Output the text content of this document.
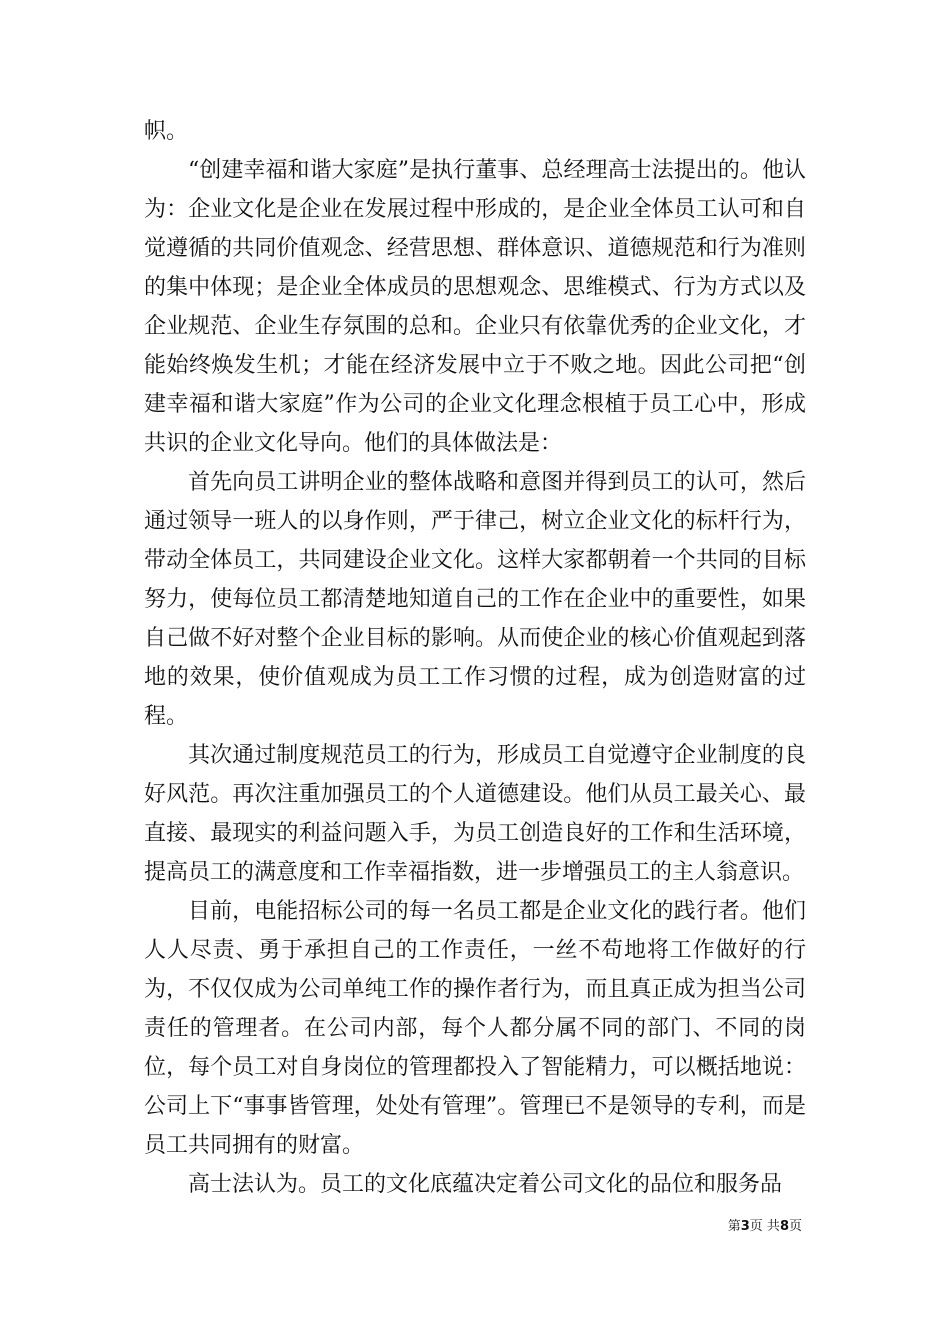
帜。

“创建幸福和谐大家庭”是执行董事、总经理高士法提出的。他认为：企业文化是企业在发展过程中形成的，是企业全体员工认可和自觉遵循的共同价值观念、经营思想、群体意识、道德规范和行为准则的集中体现；是企业全体成员的思想观念、思维模式、行为方式以及企业规范、企业生存氛围的总和。企业只有依靠优秀的企业文化，才能始终焕发生机；才能在经济发展中立于不败之地。因此公司把“创建幸福和谐大家庭”作为公司的企业文化理念根植于员工心中，形成共识的企业文化导向。他们的具体做法是：

首先向员工讲明企业的整体战略和意图并得到员工的认可，然后通过领导一班人的以身作则，严于律己，树立企业文化的标杆行为，带动全体员工，共同建设企业文化。这样大家都朝着一个共同的目标努力，使每位员工都清楚地知道自己的工作在企业中的重要性，如果自己做不好对整个企业目标的影响。从而使企业的核心价值观起到落地的效果，使价值观成为员工工作习惯的过程，成为创造财富的过程。

其次通过制度规范员工的行为，形成员工自觉遵守企业制度的良好风范。再次注重加强员工的个人道德建设。他们从员工最关心、最直接、最现实的利益问题入手，为员工创造良好的工作和生活环境，提高员工的满意度和工作幸福指数，进一步增强员工的主人翁意识。

目前，电能招标公司的每一名员工都是企业文化的践行者。他们人人尽责、勇于承担自己的工作责任，一丝不苟地将工作做好的行为，不仅仅成为公司单纯工作的操作者行为，而且真正成为担当公司责任的管理者。在公司内部，每个人都分属不同的部门、不同的岗位，每个员工对自身岗位的管理都投入了智能精力，可以概括地说：公司上下“事事皆管理，处处有管理”。管理已不是领导的专利，而是员工共同拥有的财富。

高士法认为。员工的文化底蕴决定着公司文化的品位和服务品

第3页 共8页
